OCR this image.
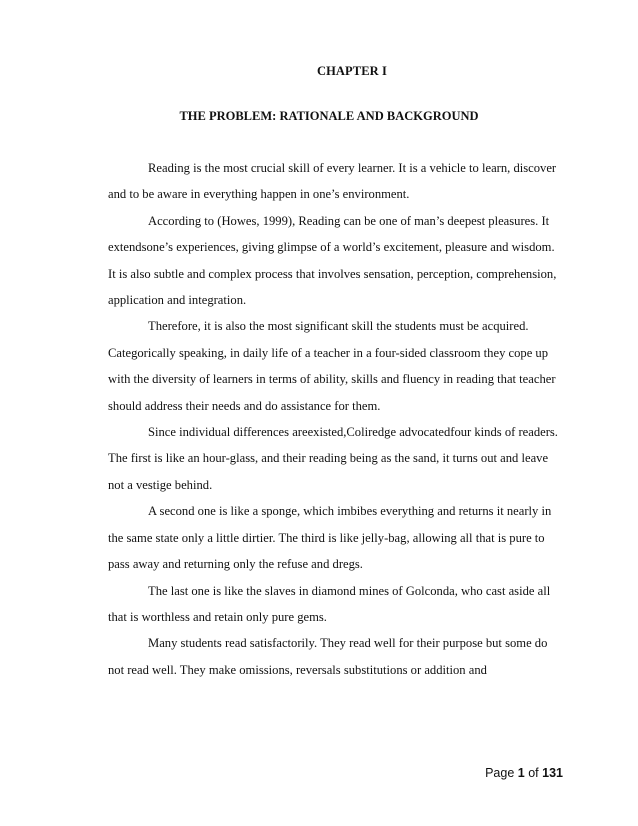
CHAPTER I
THE PROBLEM: RATIONALE AND BACKGROUND

Reading is the most crucial skill of every learner. It is a vehicle to learn, discover and to be aware in everything happen in one’s environment.

According to (Howes, 1999), Reading can be one of man’s deepest pleasures. It extendsone’s experiences, giving glimpse of a world’s excitement, pleasure and wisdom. It is also subtle and complex process that involves sensation, perception, comprehension, application and integration.

Therefore, it is also the most significant skill the students must be acquired. Categorically speaking, in daily life of a teacher in a four-sided classroom they cope up with the diversity of learners in terms of ability, skills and fluency in reading that teacher should address their needs and do assistance for them.

Since individual differences areexisted,Coliredge advocatedfour kinds of readers. The first is like an hour-glass, and their reading being as the sand, it turns out and leave not a vestige behind.

A second one is like a sponge, which imbibes everything and returns it nearly in the same state only a little dirtier. The third is like jelly-bag, allowing all that is pure to pass away and returning only the refuse and dregs.

The last one is like the slaves in diamond mines of Golconda, who cast aside all that is worthless and retain only pure gems.

Many students read satisfactorily. They read well for their purpose but some do not read well. They make omissions, reversals substitutions or addition and

Page 1 of 131
